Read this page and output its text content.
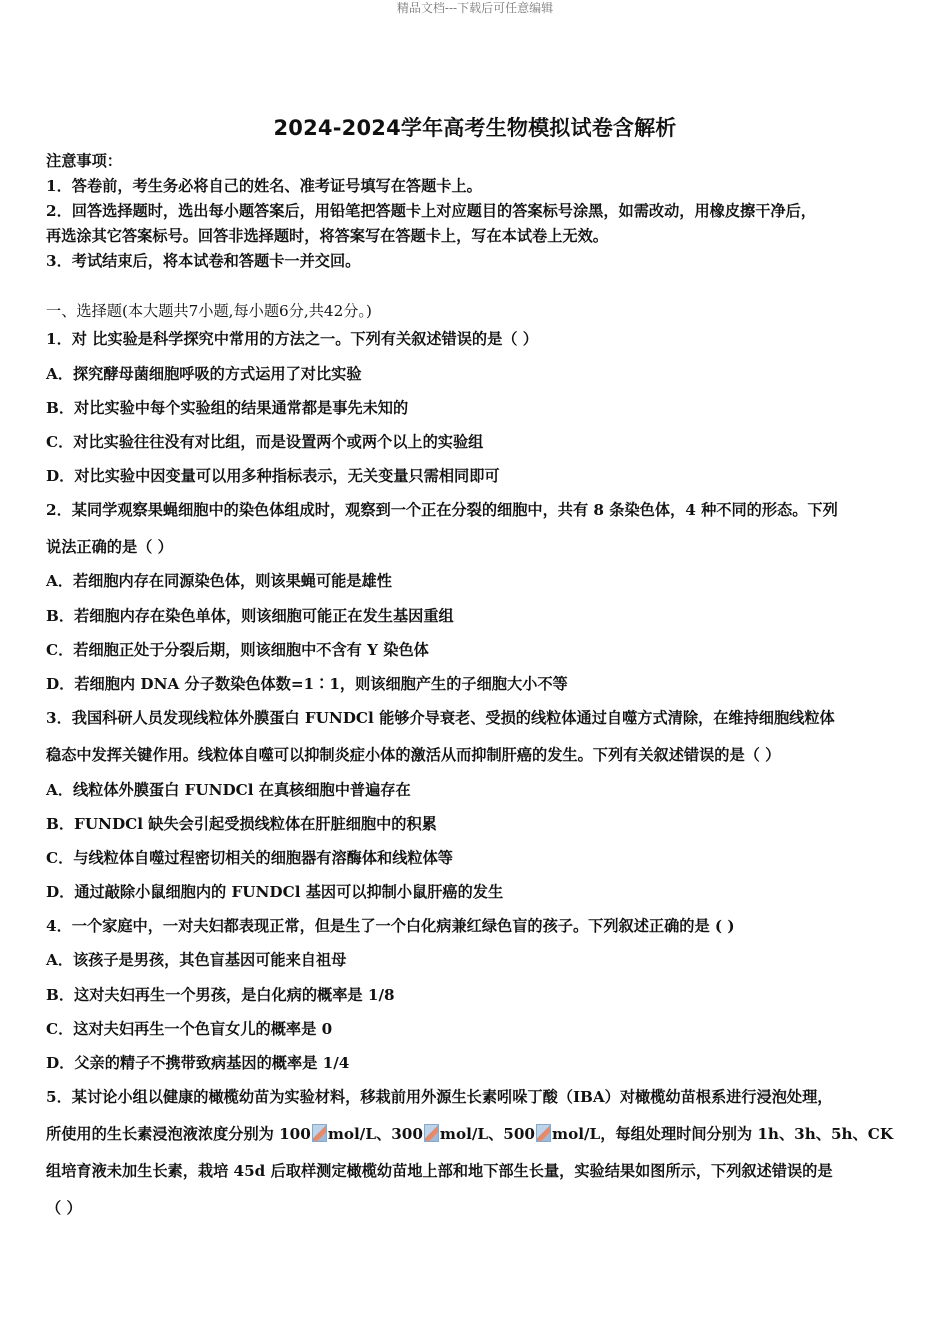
精品文档---下载后可任意编辑
2024-2024学年高考生物模拟试卷含解析
注意事项：
1．答卷前，考生务必将自己的姓名、准考证号填写在答题卡上。
2．回答选择题时，选出每小题答案后，用铅笔把答题卡上对应题目的答案标号涂黑，如需改动，用橡皮擦干净后，
再选涂其它答案标号。回答非选择题时，将答案写在答题卡上，写在本试卷上无效。
3．考试结束后，将本试卷和答题卡一并交回。
一、选择题(本大题共7小题,每小题6分,共42分。)
1．对 比实验是科学探究中常用的方法之一。下列有关叙述错误的是（ ）
A．探究酵母菌细胞呼吸的方式运用了对比实验
B．对比实验中每个实验组的结果通常都是事先未知的
C．对比实验往往没有对比组，而是设置两个或两个以上的实验组
D．对比实验中因变量可以用多种指标表示，无关变量只需相同即可
2．某同学观察果蝇细胞中的染色体组成时，观察到一个正在分裂的细胞中，共有 8 条染色体，4 种不同的形态。下列
说法正确的是（ ）
A．若细胞内存在同源染色体，则该果蝇可能是雄性
B．若细胞内存在染色单体，则该细胞可能正在发生基因重组
C．若细胞正处于分裂后期，则该细胞中不含有 Y 染色体
D．若细胞内 DNA 分子数染色体数=1∶1，则该细胞产生的子细胞大小不等
3．我国科研人员发现线粒体外膜蛋白 FUNDCl 能够介导衰老、受损的线粒体通过自噬方式清除，在维持细胞线粒体
稳态中发挥关键作用。线粒体自噬可以抑制炎症小体的激活从而抑制肝癌的发生。下列有关叙述错误的是（ ）
A．线粒体外膜蛋白 FUNDCl 在真核细胞中普遍存在
B．FUNDCl 缺失会引起受损线粒体在肝脏细胞中的积累
C．与线粒体自噬过程密切相关的细胞器有溶酶体和线粒体等
D．通过敲除小鼠细胞内的 FUNDCl 基因可以抑制小鼠肝癌的发生
4．一个家庭中，一对夫妇都表现正常，但是生了一个白化病兼红绿色盲的孩子。下列叙述正确的是 ( )
A．该孩子是男孩，其色盲基因可能来自祖母
B．这对夫妇再生一个男孩，是白化病的概率是 1/8
C．这对夫妇再生一个色盲女儿的概率是 0
D．父亲的精子不携带致病基因的概率是 1/4
5．某讨论小组以健康的橄榄幼苗为实验材料，移栽前用外源生长素吲哚丁酸（IBA）对橄榄幼苗根系进行浸泡处理，
所使用的生长素浸泡液浓度分别为 100 mol/L、300 mol/L、500 mol/L，每组处理时间分别为 1h、3h、5h、CK
组培育液未加生长素，栽培 45d 后取样测定橄榄幼苗地上部和地下部生长量，实验结果如图所示，下列叙述错误的是
（ ）
